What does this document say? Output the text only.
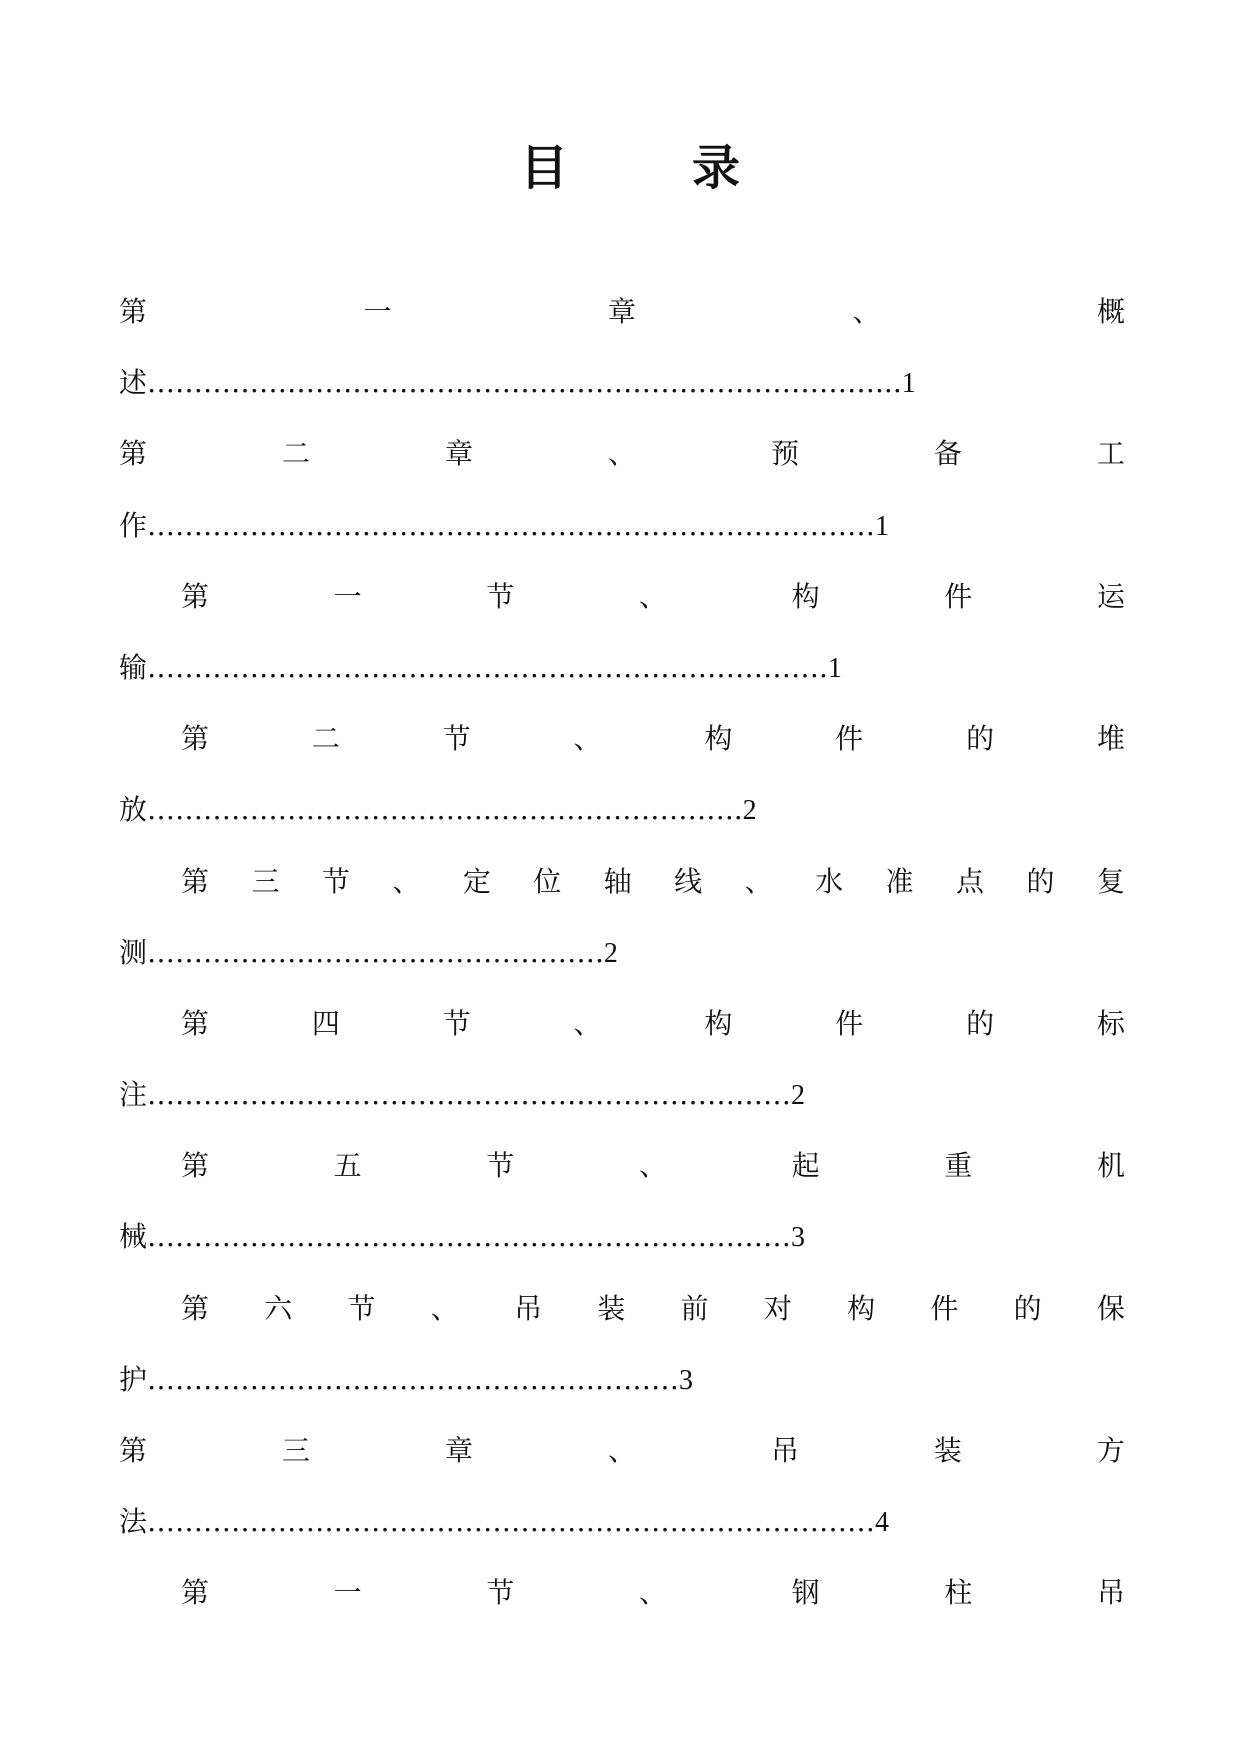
目	录
第	一	章	、	概
述……………………………………………………………………...1
第	二	章	、	预	备	工
作……………………………………………………………………1
第	一	节	、	构	件	运
输……………………………………………………………….1
第	二	节	、	构	件	的	堆
放………………………………..……………………..2
第 三 节 、 定 位 轴 线 、 水 准 点 的 复
测………………………………………….2
第	四	节	、	构	件	的	标
注……………………………………………………………2
第	五	节	、	起	重	机
械……………………………………………………………3
第 六 节 、 吊 装 前 对 构 件 的 保
护…………………………………………………3
第	三	章	、	吊	装	方
法……………………………………………………………………4
第	一	节	、	钢	柱	吊
